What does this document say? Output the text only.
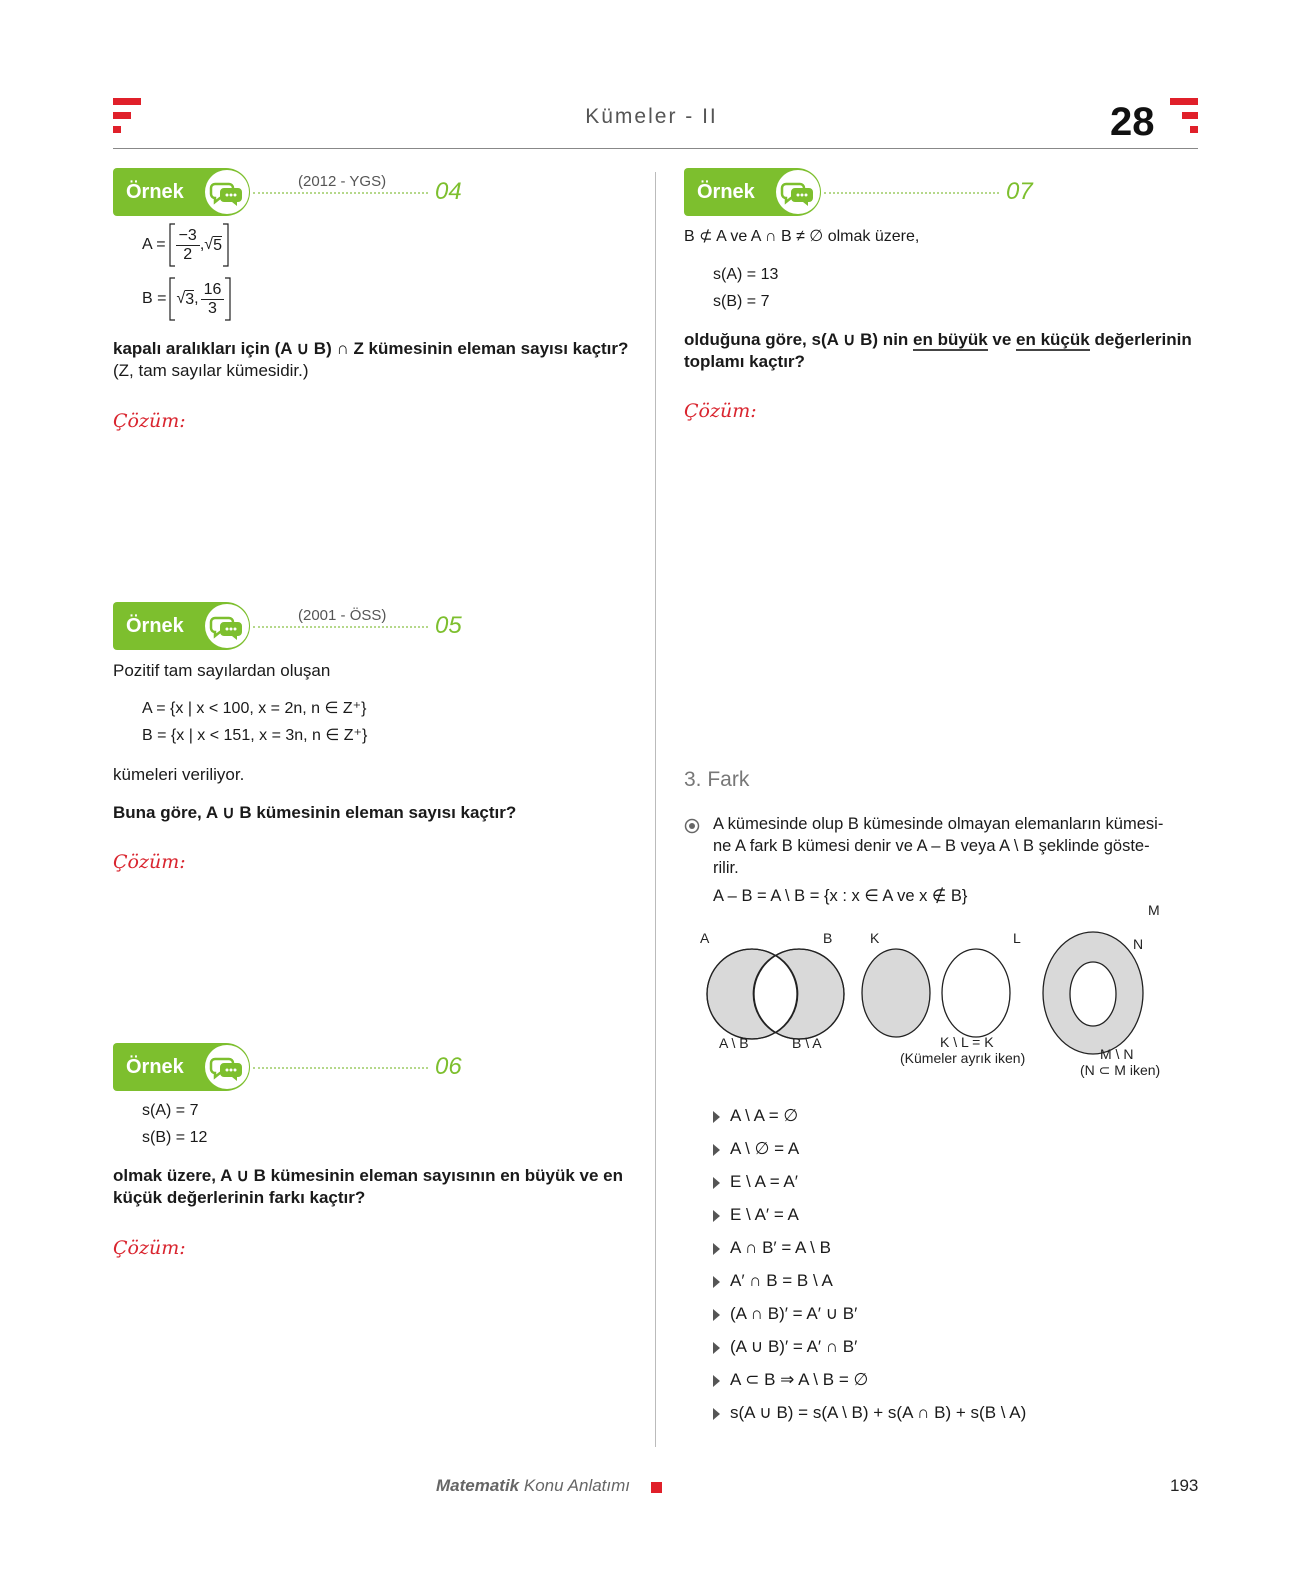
Kümeler - II	28
Örnek	(2012 - YGS) 04
$A = \frac{-3}{2}$ , √ 5
B = √ 3 , $\frac{16}{3}$
kapalı aralıkları için (A ∪ B) ∩ Z kümesinin eleman sayısı kaçtır?
(Z, tam sayılar kümesidir.)
Çözüm:
Örnek	(2001 - ÖSS) 05
Pozitif tam sayılardan oluşan
A = {x | x < 100, x = 2n, n ∈ Z⁺}
B = {x | x < 151, x = 3n, n ∈ Z⁺}
kümeleri veriliyor.
Buna göre, A ∪ B kümesinin eleman sayısı kaçtır?
Çözüm:
Örnek	06
s(A) = 7
s(B) = 12
olmak üzere, A ∪ B kümesinin eleman sayısının en büyük ve en
küçük değerlerinin farkı kaçtır?
Çözüm:
Örnek	07
B ⊄ A ve A ∩ B ≠ ∅ olmak üzere,
s(A) = 13
s(B) = 7
olduğuna göre, s(A ∪ B) nin en büyük ve en küçük değerlerinin
toplamı kaçtır?
Çözüm:
3. Fark
A kümesinde olup B kümesinde olmayan elemanların kümesi-
ne A fark B kümesi denir ve A – B veya A \ B şeklinde göste-
rilir.
A – B = A \ B = {x : x ∈ A ve x ∉ B}
A	B
A \ B	B \ A
K	L
K \ L = K
(Kümeler ayrık iken)
M
N
M \ N
(N ⊂ M iken)
A \ A = ∅
A \ ∅ = A
E \ A = A′
E \ A′ = A
A ∩ B′ = A \ B
A′ ∩ B = B \ A
(A ∩ B)′ = A′ ∪ B′
(A ∪ B)′ = A′ ∩ B′
A ⊂ B ⇒ A \ B = ∅
s(A ∪ B) = s(A \ B) + s(A ∩ B) + s(B \ A)
Matematik Konu Anlatımı	193
